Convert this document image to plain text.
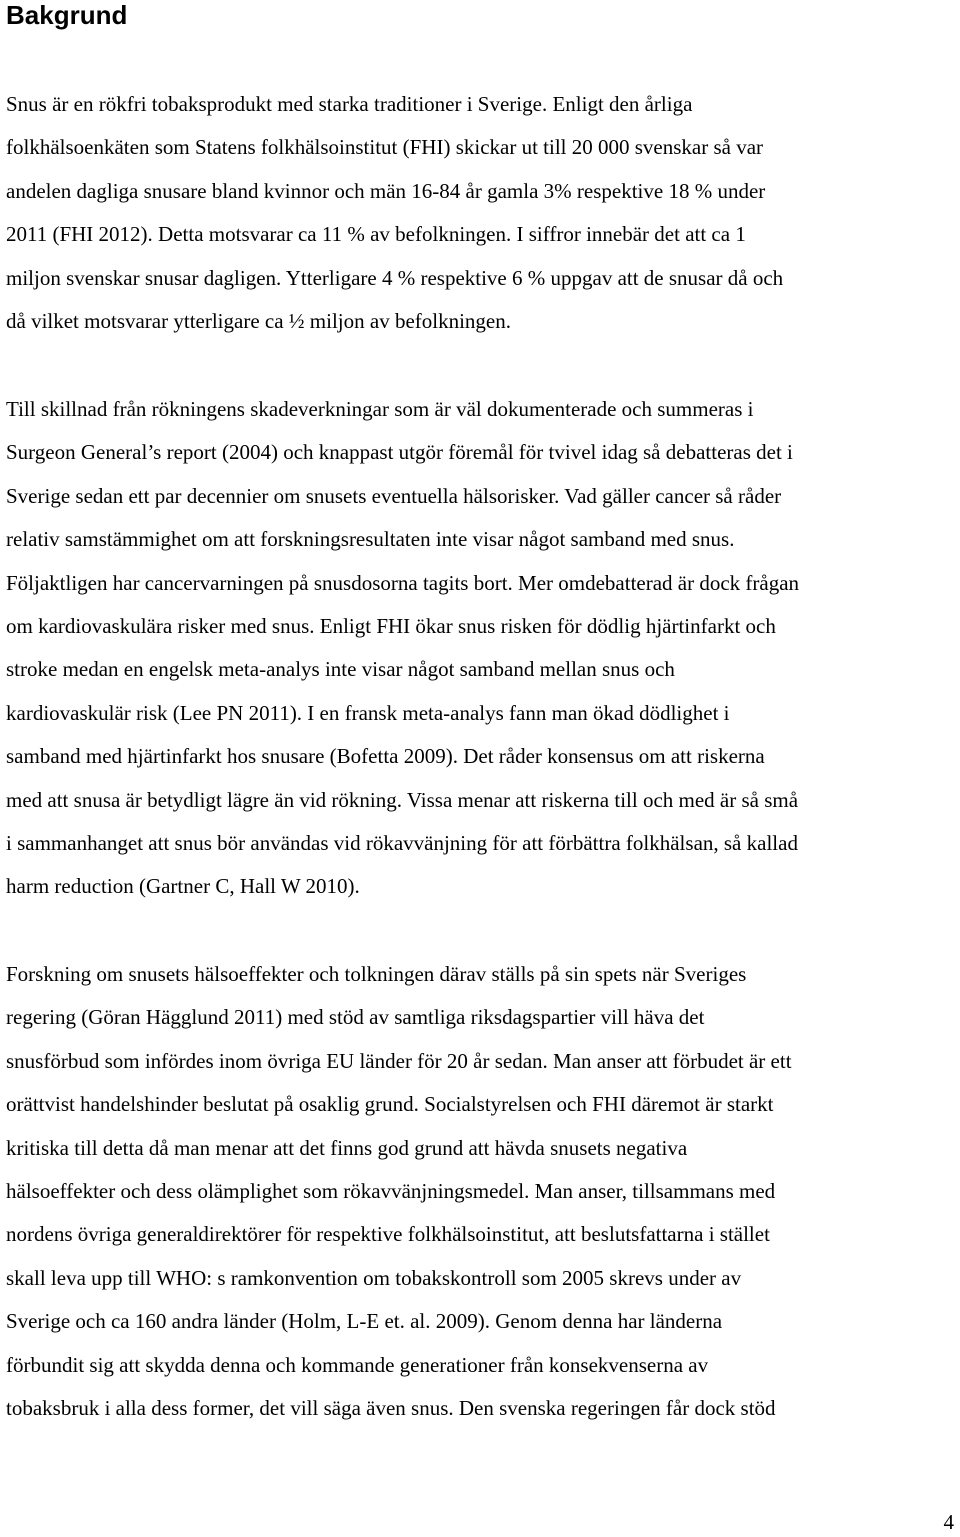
Bakgrund

Snus är en rökfri tobaksprodukt med starka traditioner i Sverige. Enligt den årliga
folkhälsoenkäten som Statens folkhälsoinstitut (FHI) skickar ut till 20 000 svenskar så var
andelen dagliga snusare bland kvinnor och män 16-84 år gamla 3% respektive 18 % under
2011 (FHI 2012). Detta motsvarar ca 11 % av befolkningen. I siffror innebär det att ca 1
miljon svenskar snusar dagligen. Ytterligare 4 % respektive 6 % uppgav att de snusar då och
då vilket motsvarar ytterligare ca ½ miljon av befolkningen.

Till skillnad från rökningens skadeverkningar som är väl dokumenterade och summeras i
Surgeon General’s report (2004) och knappast utgör föremål för tvivel idag så debatteras det i
Sverige sedan ett par decennier om snusets eventuella hälsorisker. Vad gäller cancer så råder
relativ samstämmighet om att forskningsresultaten inte visar något samband med snus.
Följaktligen har cancervarningen på snusdosorna tagits bort. Mer omdebatterad är dock frågan
om kardiovaskulära risker med snus. Enligt FHI ökar snus risken för dödlig hjärtinfarkt och
stroke medan en engelsk meta-analys inte visar något samband mellan snus och
kardiovaskulär risk (Lee PN 2011). I en fransk meta-analys fann man ökad dödlighet i
samband med hjärtinfarkt hos snusare (Bofetta 2009). Det råder konsensus om att riskerna
med att snusa är betydligt lägre än vid rökning. Vissa menar att riskerna till och med är så små
i sammanhanget att snus bör användas vid rökavvänjning för att förbättra folkhälsan, så kallad
harm reduction (Gartner C, Hall W 2010).

Forskning om snusets hälsoeffekter och tolkningen därav ställs på sin spets när Sveriges
regering (Göran Hägglund 2011) med stöd av samtliga riksdagspartier vill häva det
snusförbud som infördes inom övriga EU länder för 20 år sedan. Man anser att förbudet är ett
orättvist handelshinder beslutat på osaklig grund. Socialstyrelsen och FHI däremot är starkt
kritiska till detta då man menar att det finns god grund att hävda snusets negativa
hälsoeffekter och dess olämplighet som rökavvänjningsmedel. Man anser, tillsammans med
nordens övriga generaldirektörer för respektive folkhälsoinstitut, att beslutsfattarna i stället
skall leva upp till WHO: s ramkonvention om tobakskontroll som 2005 skrevs under av
Sverige och ca 160 andra länder (Holm, L-E et. al. 2009). Genom denna har länderna
förbundit sig att skydda denna och kommande generationer från konsekvenserna av
tobaksbruk i alla dess former, det vill säga även snus. Den svenska regeringen får dock stöd

4
